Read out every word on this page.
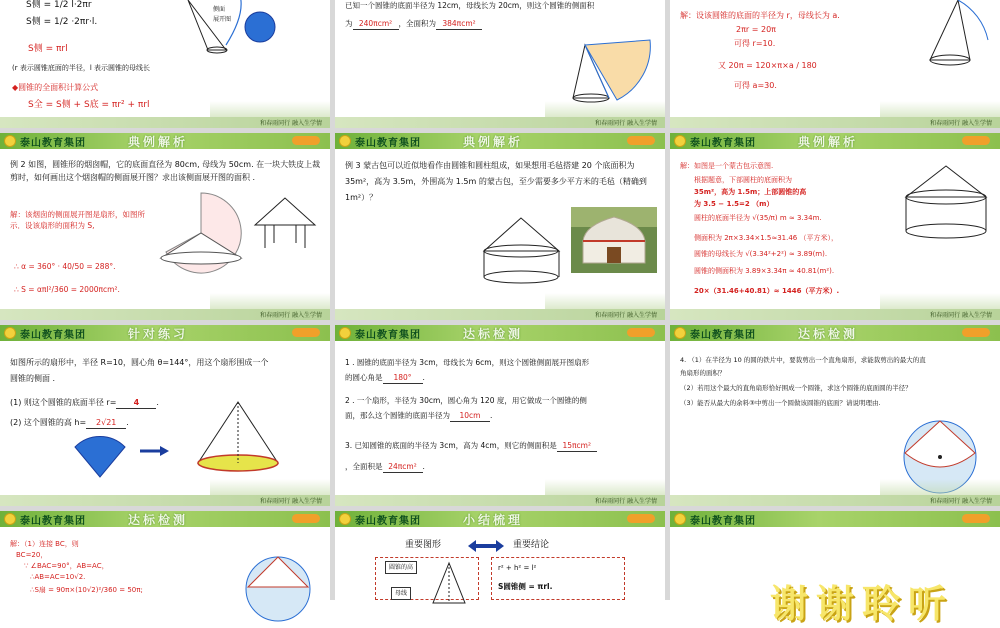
S侧 = 1/2 l·2πr
S侧 = 1/2 ·2πr·l.
S侧 = πrl
(r 表示圆锥底面的半径，l 表示圆锥的母线长
◆圆锥的全面积计算公式
S全 = S侧 + S底 = πr² + πrl
侧面
展开图
和春雨同行 融入生学情
已知一个圆锥的底面半径为 12cm，母线长为 20cm，则这个圆锥的侧面积
为 240πcm² ，全面积为 384πcm²
和春雨同行 融入生学情
解：设该圆锥的底面的半径为 r，母线长为 a.
2πr = 20π
可得 r=10.
又 20π = 120×π×a / 180
可得 a=30.
和春雨同行 融入生学情
泰山教育集团	典例解析
例 2 如图，圆锥形的烟囱帽，它的底面直径为 80cm, 母线为 50cm. 在一块大铁皮上裁剪时，如何画出这个烟囱帽的侧面展开图？求出该侧面展开图的面积 .
解：该烟囱的侧面展开图是扇形，如图所示．设该扇形的面积为 S,
∴ α = 360° · 40/50 = 288°.
∴ S = απl²/360 = 2000πcm².
和春雨同行 融入生学情
泰山教育集团	典例解析
例 3 蒙古包可以近似地看作由圆锥和圆柱组成，如果想用毛毡搭建 20 个底面积为 35m²，高为 3.5m，外围高为 1.5m 的蒙古包，至少需要多少平方米的毛毡（精确到 1m²）？
和春雨同行 融入生学情
泰山教育集团	典例解析
解：如图是一个蒙古包示意图.
根据题意，下部圆柱的底面积为
35m²，高为 1.5m；上部圆锥的高
为 3.5 − 1.5=2 （m）
圆柱的底面半径为 √(35/π) m ≈ 3.34m.
侧面积为 2π×3.34×1.5≈31.46 （平方米），
圆锥的母线长为 √(3.34²+2²) ≈ 3.89(m).
圆锥的侧面积为 3.89×3.34π ≈ 40.81(m²).
20×（31.46+40.81）≈ 1446（平方米）.
和春雨同行 融入生学情
泰山教育集团	针对练习
如图所示的扇形中，半径 R=10，圆心角 θ=144°，用这个扇形围成一个
圆锥的侧面 .
(1) 则这个圆锥的底面半径 r= 4 .
(2) 这个圆锥的高 h= 2√21 .
和春雨同行 融入生学情
泰山教育集团	达标检测
1 . 圆锥的底面半径为 3cm，母线长为 6cm，则这个圆锥侧面展开图扇形
的圆心角是 180° .
2 . 一个扇形，半径为 30cm，圆心角为 120 度，用它做成一个圆锥的侧
面，那么这个圆锥的底面半径为 10cm .
3. 已知圆锥的底面的半径为 3cm，高为 4cm，则它的侧面积是 15πcm²
，全面积是 24πcm² .
和春雨同行 融入生学情
泰山教育集团	达标检测
4. （1）在半径为 10 的圆的铁片中，要裁剪出一个直角扇形，求能裁剪出的最大的直
角扇形的面积？
（2）若用这个最大的直角扇形恰好围成一个圆锥，求这个圆锥的底面圆的半径？
（3）能否从最大的余料③中剪出一个圆做该圆锥的底面？请说明理由.
和春雨同行 融入生学情
泰山教育集团	达标检测
解：（1）连接 BC，则
BC=20，
∵ ∠BAC=90°，AB=AC，
∴AB=AC=10√2.
∴S扇 = 90π×(10√2)²/360 = 50π;
泰山教育集团	小结梳理
重要图形	重要结论
圆锥的高
母线
r² + h² = l²
S圆锥侧 = πrl.
泰山教育集团
谢谢聆听
